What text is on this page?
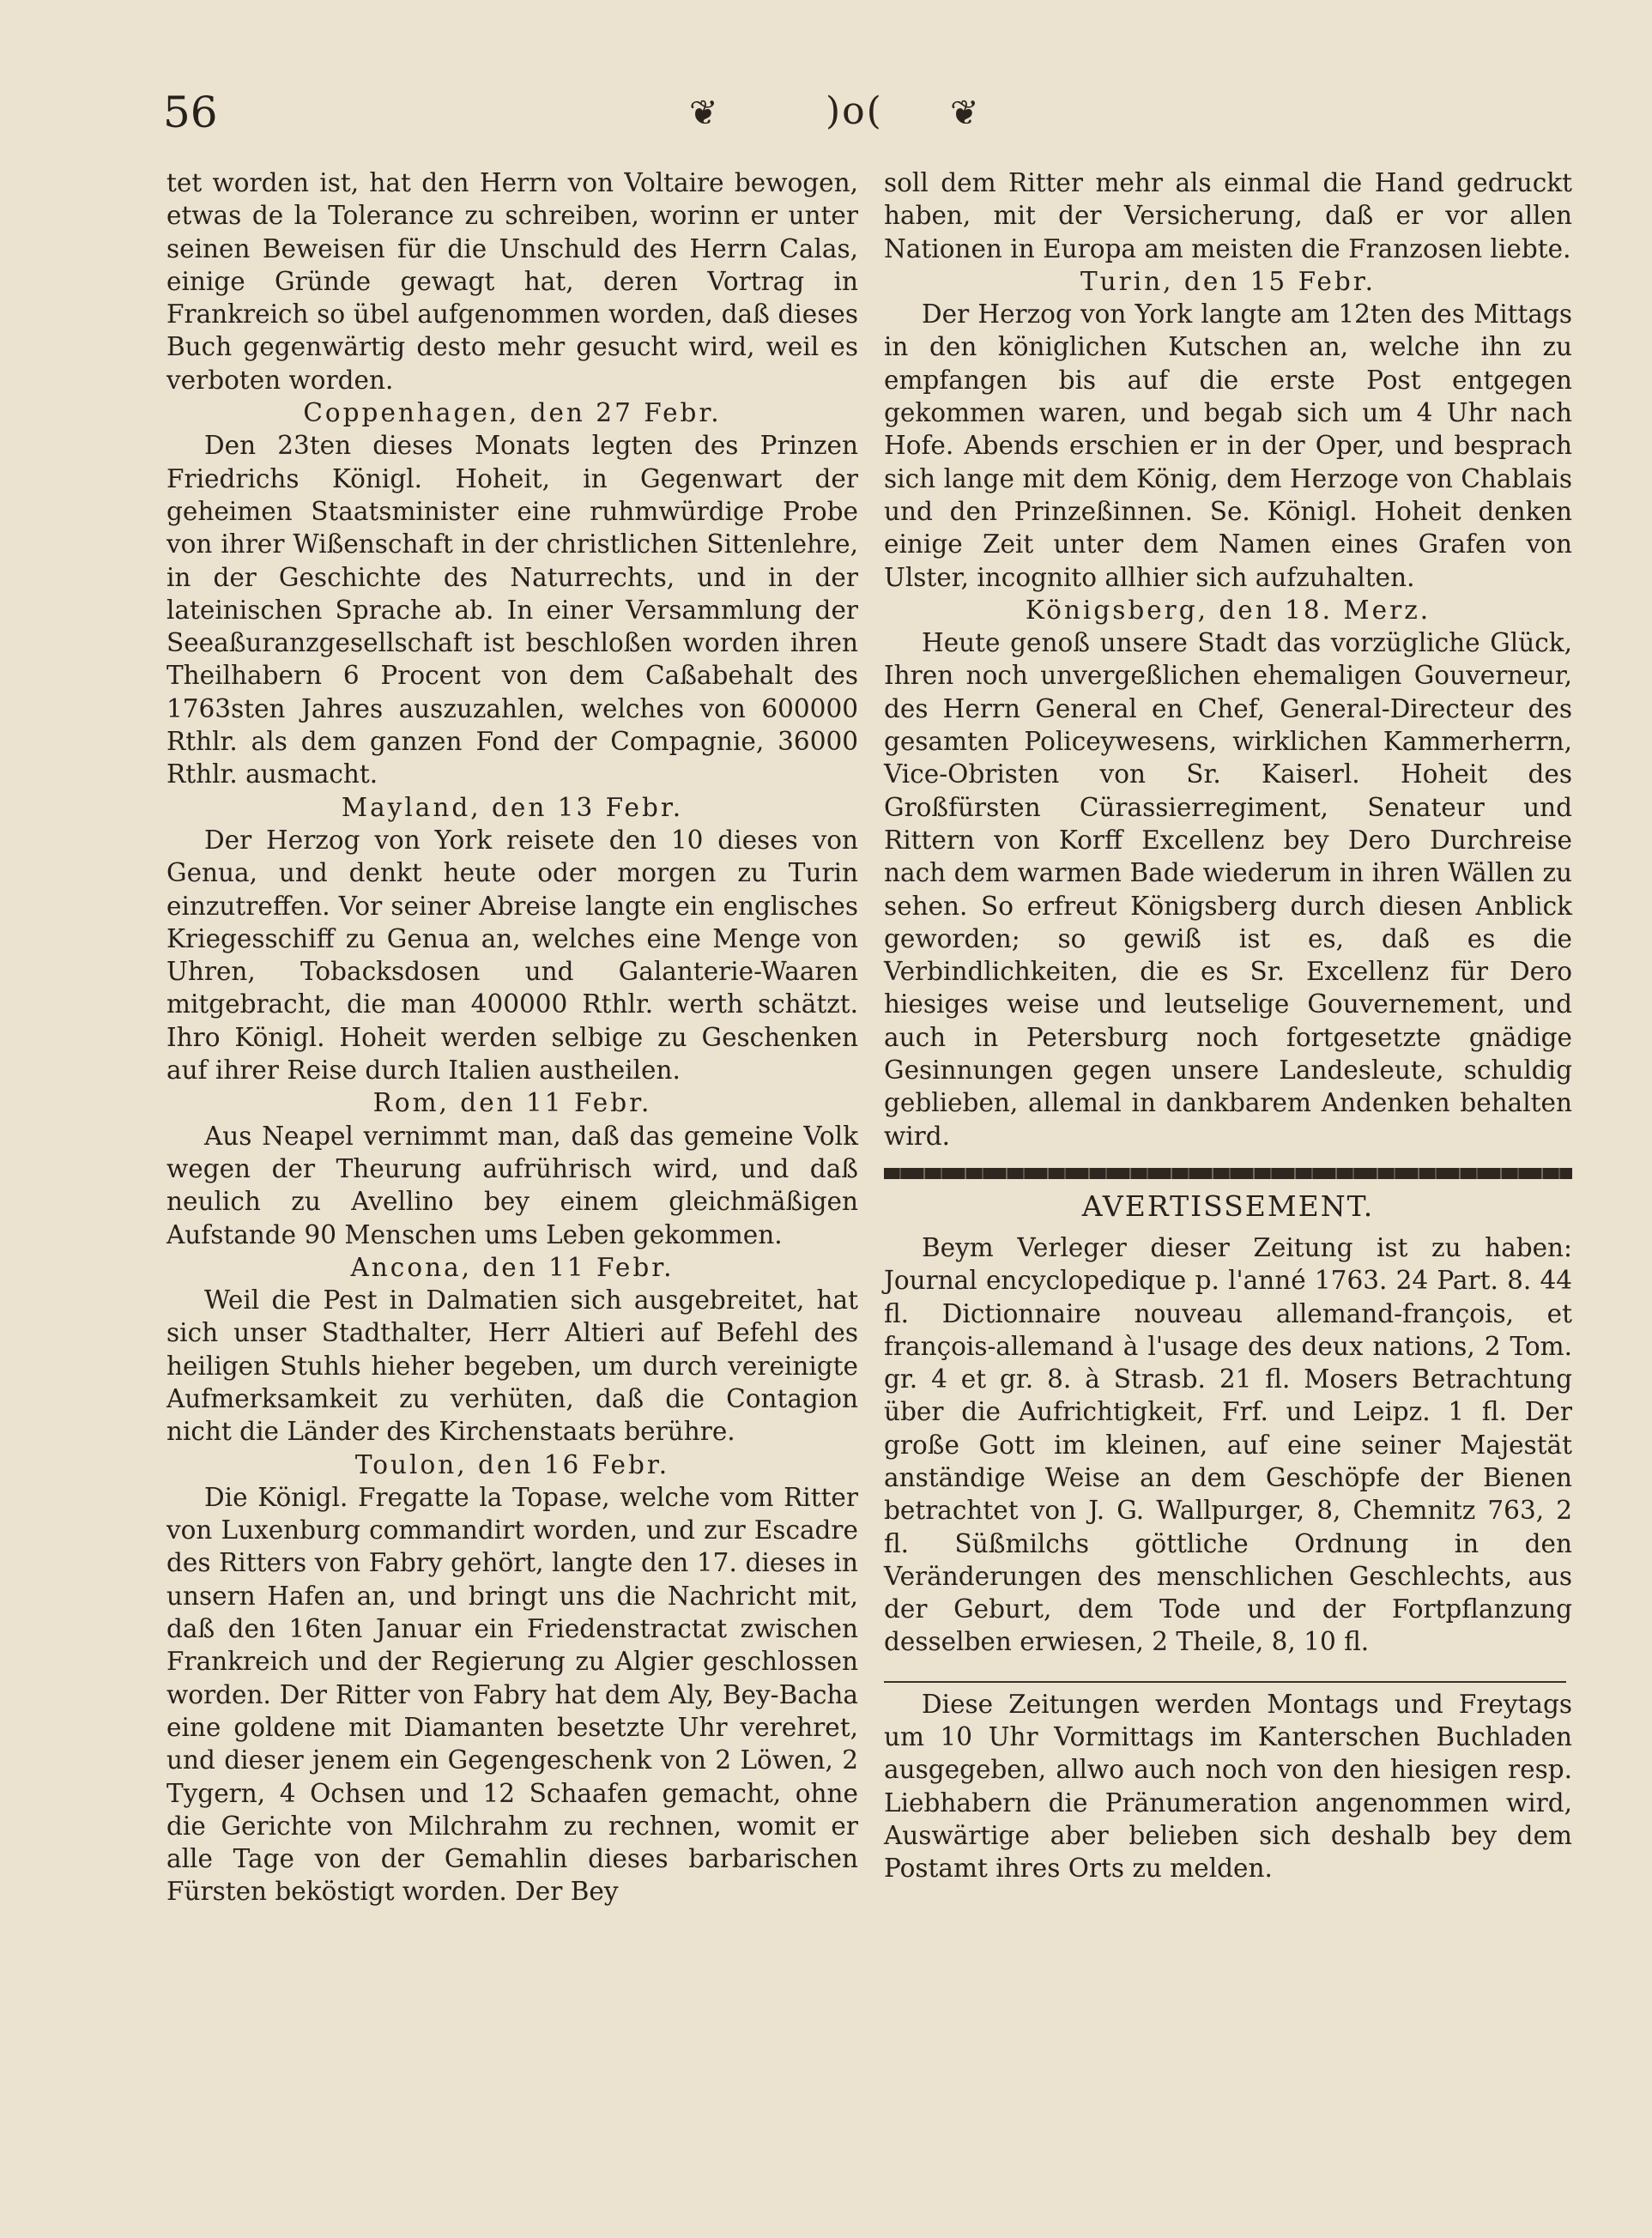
56	❦	)o( ❦

tet worden ist, hat den Herrn von Voltaire bewogen, etwas de la Tolerance zu schreiben, worinn er unter seinen Beweisen für die Unschuld des Herrn Calas, einige Gründe gewagt hat, deren Vortrag in Frankreich so übel aufgenommen worden, daß dieses Buch gegenwärtig desto mehr gesucht wird, weil es verboten worden.

Coppenhagen, den 27 Febr.

Den 23ten dieses Monats legten des Prinzen Friedrichs Königl. Hoheit, in Gegenwart der geheimen Staatsminister eine ruhmwürdige Probe von ihrer Wißenschaft in der christlichen Sittenlehre, in der Geschichte des Naturrechts, und in der lateinischen Sprache ab. In einer Versammlung der Seeaßuranzgesellschaft ist beschloßen worden ihren Theilhabern 6 Procent von dem Caßabehalt des 1763sten Jahres auszuzahlen, welches von 600000 Rthlr. als dem ganzen Fond der Compagnie, 36000 Rthlr. ausmacht.

Mayland, den 13 Febr.

Der Herzog von York reisete den 10 dieses von Genua, und denkt heute oder morgen zu Turin einzutreffen. Vor seiner Abreise langte ein englisches Kriegesschiff zu Genua an, welches eine Menge von Uhren, Tobacksdosen und Galanterie-Waaren mitgebracht, die man 400000 Rthlr. werth schätzt. Ihro Königl. Hoheit werden selbige zu Geschenken auf ihrer Reise durch Italien austheilen.

Rom, den 11 Febr.

Aus Neapel vernimmt man, daß das gemeine Volk wegen der Theurung aufrührisch wird, und daß neulich zu Avellino bey einem gleichmäßigen Aufstande 90 Menschen ums Leben gekommen.

Ancona, den 11 Febr.

Weil die Pest in Dalmatien sich ausgebreitet, hat sich unser Stadthalter, Herr Altieri auf Befehl des heiligen Stuhls hieher begeben, um durch vereinigte Aufmerksamkeit zu verhüten, daß die Contagion nicht die Länder des Kirchenstaats berühre.

Toulon, den 16 Febr.

Die Königl. Fregatte la Topase, welche vom Ritter von Luxenburg commandirt worden, und zur Escadre des Ritters von Fabry gehört, langte den 17. dieses in unsern Hafen an, und bringt uns die Nachricht mit, daß den 16ten Januar ein Friedenstractat zwischen Frankreich und der Regierung zu Algier geschlossen worden. Der Ritter von Fabry hat dem Aly, Bey-Bacha eine goldene mit Diamanten besetzte Uhr verehret, und dieser jenem ein Gegengeschenk von 2 Löwen, 2 Tygern, 4 Ochsen und 12 Schaafen gemacht, ohne die Gerichte von Milchrahm zu rechnen, womit er alle Tage von der Gemahlin dieses barbarischen Fürsten beköstigt worden. Der Bey

soll dem Ritter mehr als einmal die Hand gedruckt haben, mit der Versicherung, daß er vor allen Nationen in Europa am meisten die Franzosen liebte.

Turin, den 15 Febr.

Der Herzog von York langte am 12ten des Mittags in den königlichen Kutschen an, welche ihn zu empfangen bis auf die erste Post entgegen gekommen waren, und begab sich um 4 Uhr nach Hofe. Abends erschien er in der Oper, und besprach sich lange mit dem König, dem Herzoge von Chablais und den Prinzeßinnen. Se. Königl. Hoheit denken einige Zeit unter dem Namen eines Grafen von Ulster, incognito allhier sich aufzuhalten.

Königsberg, den 18. Merz.

Heute genoß unsere Stadt das vorzügliche Glück, Ihren noch unvergeßlichen ehemaligen Gouverneur, des Herrn General en Chef, General-Directeur des gesamten Policeywesens, wirklichen Kammerherrn, Vice-Obristen von Sr. Kaiserl. Hoheit des Großfürsten Cürassierregiment, Senateur und Rittern von Korff Excellenz bey Dero Durchreise nach dem warmen Bade wiederum in ihren Wällen zu sehen. So erfreut Königsberg durch diesen Anblick geworden; so gewiß ist es, daß es die Verbindlichkeiten, die es Sr. Excellenz für Dero hiesiges weise und leutselige Gouvernement, und auch in Petersburg noch fortgesetzte gnädige Gesinnungen gegen unsere Landesleute, schuldig geblieben, allemal in dankbarem Andenken behalten wird.

AVERTISSEMENT.

Beym Verleger dieser Zeitung ist zu haben: Journal encyclopedique p. l'anné 1763. 24 Part. 8. 44 fl. Dictionnaire nouveau allemand-françois, et françois-allemand à l'usage des deux nations, 2 Tom. gr. 4 et gr. 8. à Strasb. 21 fl. Mosers Betrachtung über die Aufrichtigkeit, Frf. und Leipz. 1 fl. Der große Gott im kleinen, auf eine seiner Majestät anständige Weise an dem Geschöpfe der Bienen betrachtet von J. G. Wallpurger, 8, Chemnitz 763, 2 fl. Süßmilchs göttliche Ordnung in den Veränderungen des menschlichen Geschlechts, aus der Geburt, dem Tode und der Fortpflanzung desselben erwiesen, 2 Theile, 8, 10 fl.

Diese Zeitungen werden Montags und Freytags um 10 Uhr Vormittags im Kanterschen Buchladen ausgegeben, allwo auch noch von den hiesigen resp. Liebhabern die Pränumeration angenommen wird, Auswärtige aber belieben sich deshalb bey dem Postamt ihres Orts zu melden.
